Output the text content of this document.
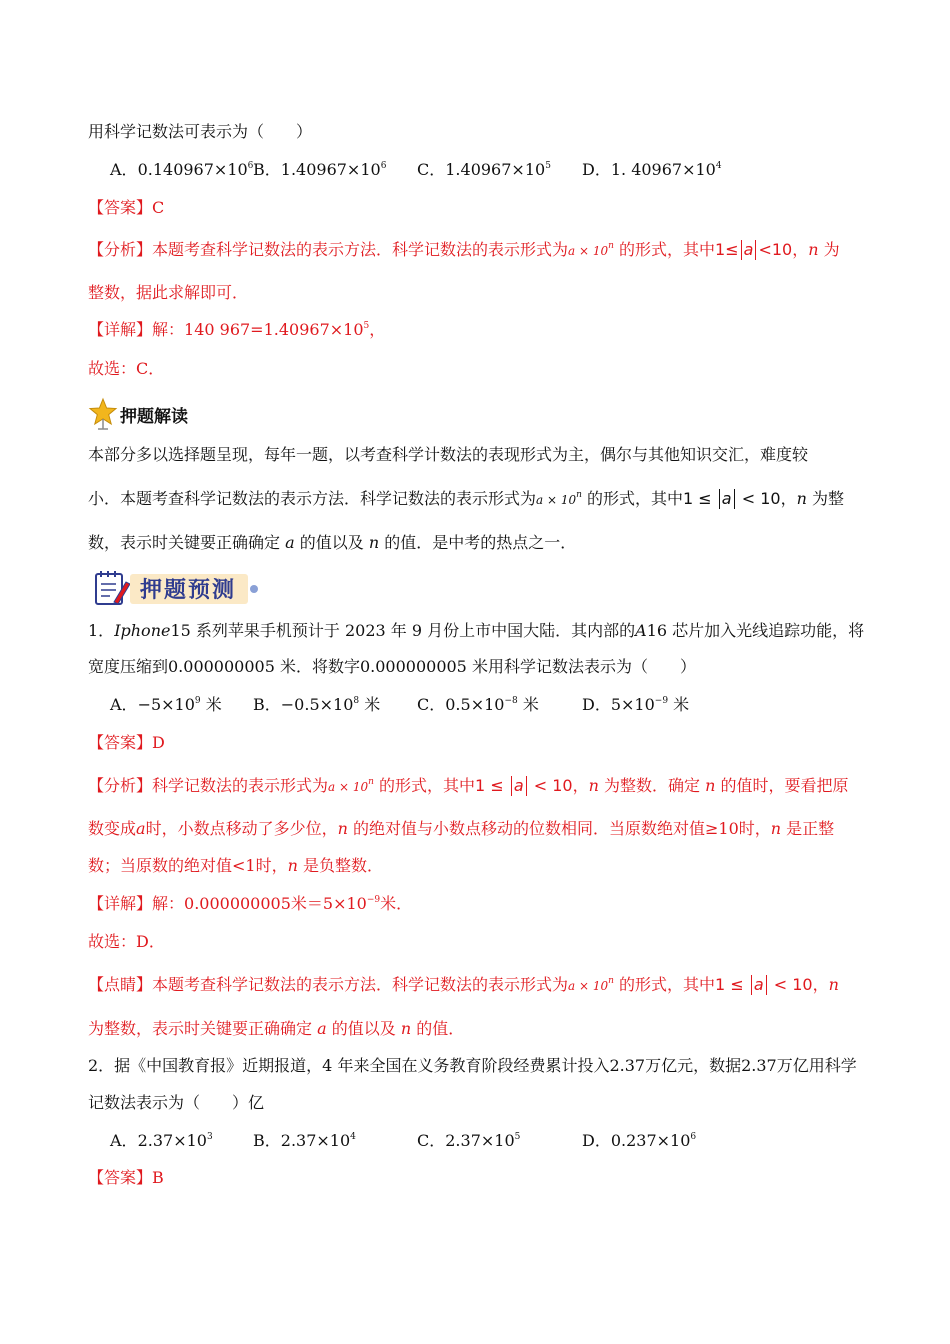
用科学记数法可表示为（　　）
A．$0.140967\times 10^6$ B．$1.40967\times 10^6$ C．$1.40967\times 10^5$ D．1. $40967\times 10^4$
【答案】C
【分析】本题考查科学记数法的表示方法．科学记数法的表示形式为$a \times 10^n$ 的形式，其中1≤ a <10，n 为
整数，据此求解即可．
【详解】解：140 $967=1.40967\times 10^5$，
故选：C．
押题解读
本部分多以选择题呈现，每年一题，以考查科学计数法的表现形式为主，偶尔与其他知识交汇，难度较
小．本题考查科学记数法的表示方法．科学记数法的表示形式为$a \times 10^n$ 的形式，其中1 ≤ a < 10，n 为整
数，表示时关键要正确确定 a 的值以及 n 的值．是中考的热点之一．
押题预测
1．Iphone15 系列苹果手机预计于 2023 年 9 月份上市中国大陆．其内部的A16 芯片加入光线追踪功能，将
宽度压缩到0.000000005 米．将数字0.000000005 米用科学记数法表示为（　　）
A．$-5\times 10^9$ 米 B．$-0.5\times 10^8$ 米 C．$0.5\times 10^{-8}$ 米	D．$5\times 10^{-9}$ 米
【答案】D
【分析】科学记数法的表示形式为$a \times 10^n$ 的形式，其中1 ≤ a < 10，n 为整数．确定 n 的值时，要看把原
数变成a时，小数点移动了多少位，n 的绝对值与小数点移动的位数相同．当原数绝对值≥10时，n 是正整
数；当原数的绝对值<1时，n 是负整数．
【详解】解：0.000000005米$=5\times 10^{-9}$米．
故选：D．
【点睛】本题考查科学记数法的表示方法．科学记数法的表示形式为$a \times 10^n$ 的形式，其中1 ≤ a < 10，n
为整数，表示时关键要正确确定 a 的值以及 n 的值．
2．据《中国教育报》近期报道，4 年来全国在义务教育阶段经费累计投入2.37万亿元，数据2.37万亿用科学
记数法表示为（　　）亿
A．$2.37\times 10^3$	B．$2.37\times 10^4$	C．$2.37\times 10^5$	D．$0.237\times 10^6$
【答案】B
